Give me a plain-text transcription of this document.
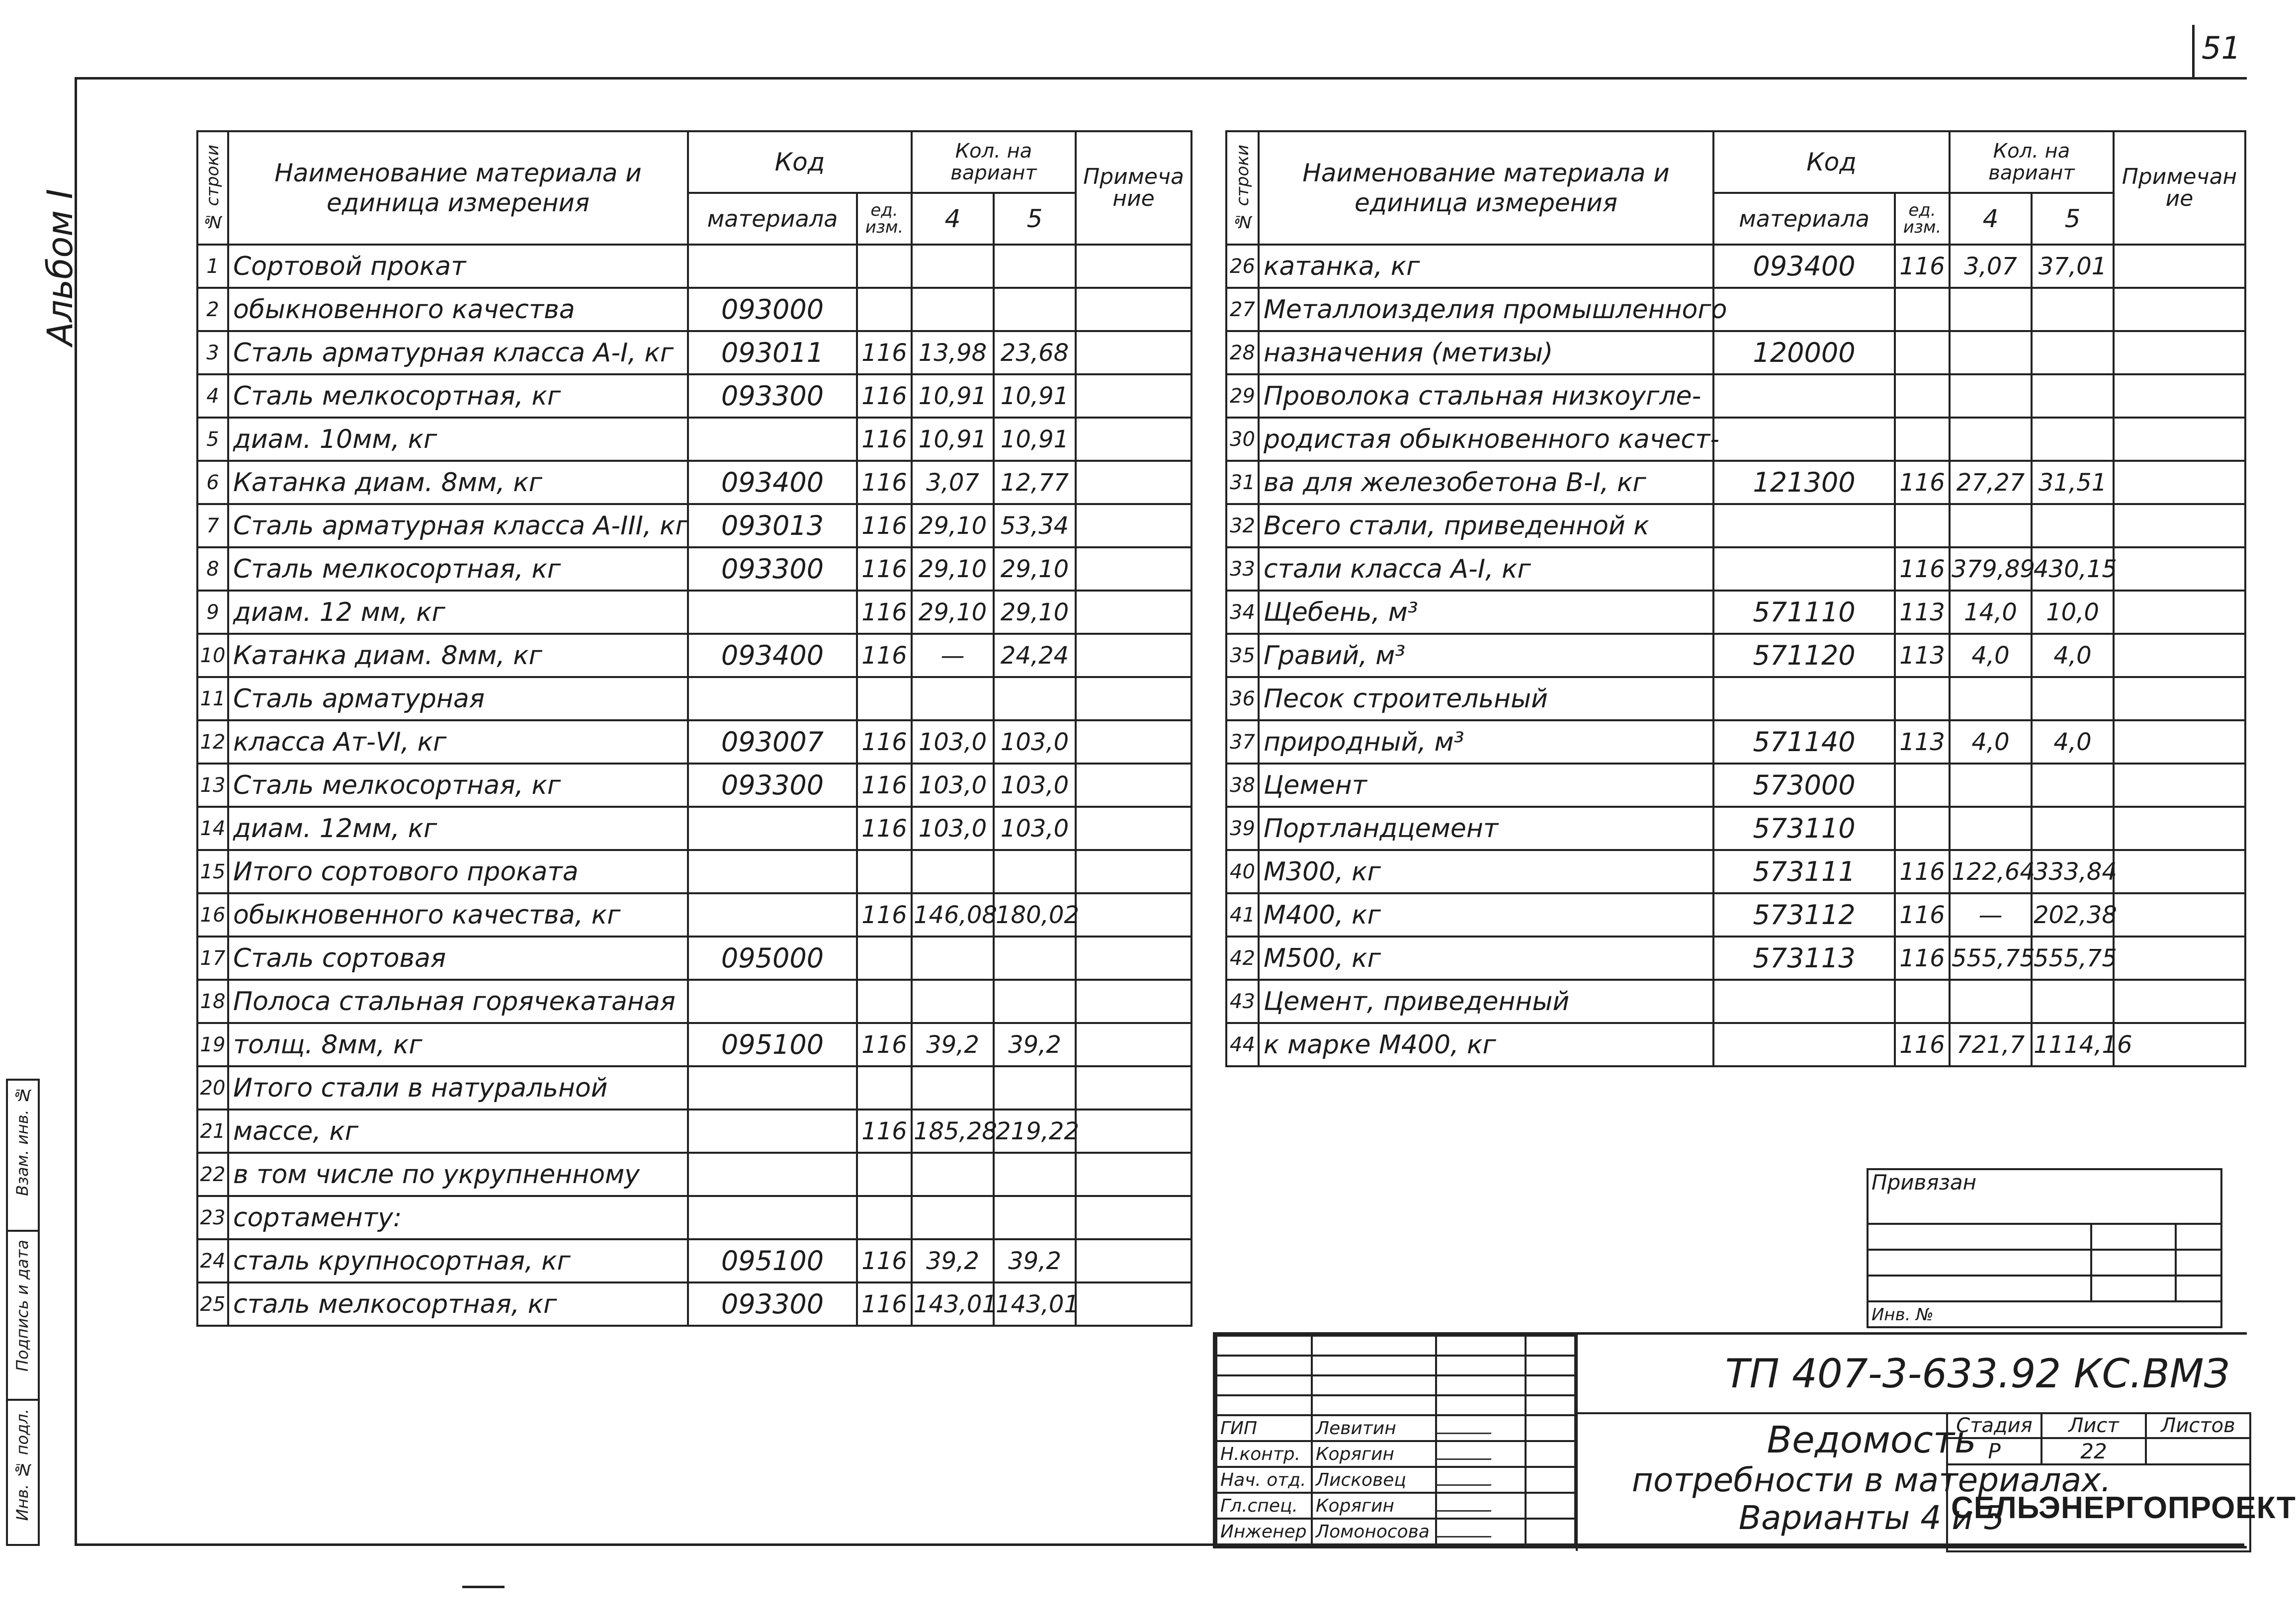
51
Альбом I
Взам. инв. №
Подпись и дата
Инв. № подл.
№ строки	Наименование материала и единица измерения	Код		Кол. на вариант		Примечание
		материала	ед. изм.	4	5	
1	Сортовой прокат					
2	обыкновенного качества	093000				
3	Сталь арматурная класса А-I, кг	093011	116	13,98	23,68	
4	Сталь мелкосортная, кг	093300	116	10,91	10,91	
5	диам. 10мм, кг		116	10,91	10,91	
6	Катанка диам. 8мм, кг	093400	116	3,07	12,77	
7	Сталь арматурная класса А-III, кг	093013	116	29,10	53,34	
8	Сталь мелкосортная, кг	093300	116	29,10	29,10	
9	диам. 12 мм, кг		116	29,10	29,10	
10	Катанка диам. 8мм, кг	093400	116	—	24,24	
11	Сталь арматурная					
12	класса Ат-VI, кг	093007	116	103,0	103,0	
13	Сталь мелкосортная, кг	093300	116	103,0	103,0	
14	диам. 12мм, кг		116	103,0	103,0	
15	Итого сортового проката					
16	обыкновенного качества, кг		116	146,08	180,02	
17	Сталь сортовая	095000				
18	Полоса стальная горячекатаная					
19	толщ. 8мм, кг	095100	116	39,2	39,2	
20	Итого стали в натуральной					
21	массе, кг		116	185,28	219,22	
22	в том числе по укрупненному					
23	сортаменту:					
24	сталь крупносортная, кг	095100	116	39,2	39,2	
25	сталь мелкосортная, кг	093300	116	143,01	143,01	
№ строки	Наименование материала и единица измерения	Код		Кол. на вариант		Примечание
		материала	ед. изм.	4	5	
26	катанка, кг	093400	116	3,07	37,01	
27	Металлоизделия промышленного					
28	назначения (метизы)	120000				
29	Проволока стальная низкоугле-					
30	родистая обыкновенного качест-					
31	ва для железобетона В-I, кг	121300	116	27,27	31,51	
32	Всего стали, приведенной к					
33	стали класса А-I, кг		116	379,89	430,15	
34	Щебень, м³	571110	113	14,0	10,0	
35	Гравий, м³	571120	113	4,0	4,0	
36	Песок строительный					
37	природный, м³	571140	113	4,0	4,0	
38	Цемент	573000				
39	Портландцемент	573110				
40	М300, кг	573111	116	122,64	333,84	
41	М400, кг	573112	116	—	202,38	
42	М500, кг	573113	116	555,75	555,75	
43	Цемент, приведенный					
44	к марке М400, кг		116	721,7	1114,16	
Привязан		

Инв. №		

ГИП	Левитин		
Н.контр.	Корягин		
Нач. отд.	Лисковец		
Гл.спец.	Корягин		
Инженер	Ломоносова		
ТП 407-3-633.92 КС.ВМЗ
Ведомость
потребности в материалах.
Варианты 4 и 5
Стадия	Лист	Листов
Р	22	
СЕЛЬЭНЕРГОПРОЕКТ		
